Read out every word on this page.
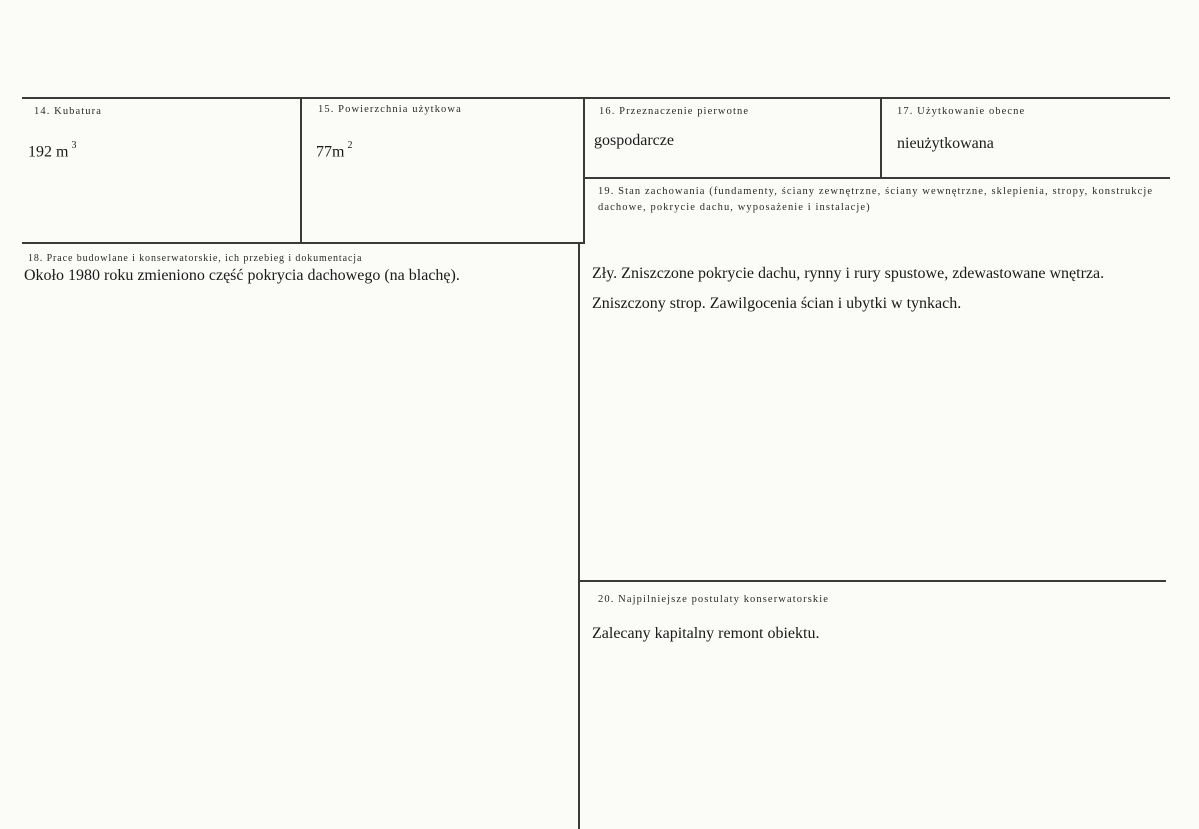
14. Kubatura
192 m $^3$
15. Powierzchnia użytkowa
77m $^2$
16. Przeznaczenie pierwotne
gospodarcze
17. Użytkowanie obecne
nieużytkowana
19. Stan zachowania (fundamenty, ściany zewnętrzne, ściany wewnętrzne, sklepienia, stropy, konstrukcje dachowe, pokrycie dachu, wyposażenie i instalacje)
Zły. Zniszczone pokrycie dachu, rynny i rury spustowe, zdewastowane wnętrza.
Zniszczony strop. Zawilgocenia ścian i ubytki w tynkach.
18. Prace budowlane i konserwatorskie, ich przebieg i dokumentacja
Około 1980 roku zmieniono część pokrycia dachowego (na blachę).
20. Najpilniejsze postulaty konserwatorskie
Zalecany kapitalny remont obiektu.
